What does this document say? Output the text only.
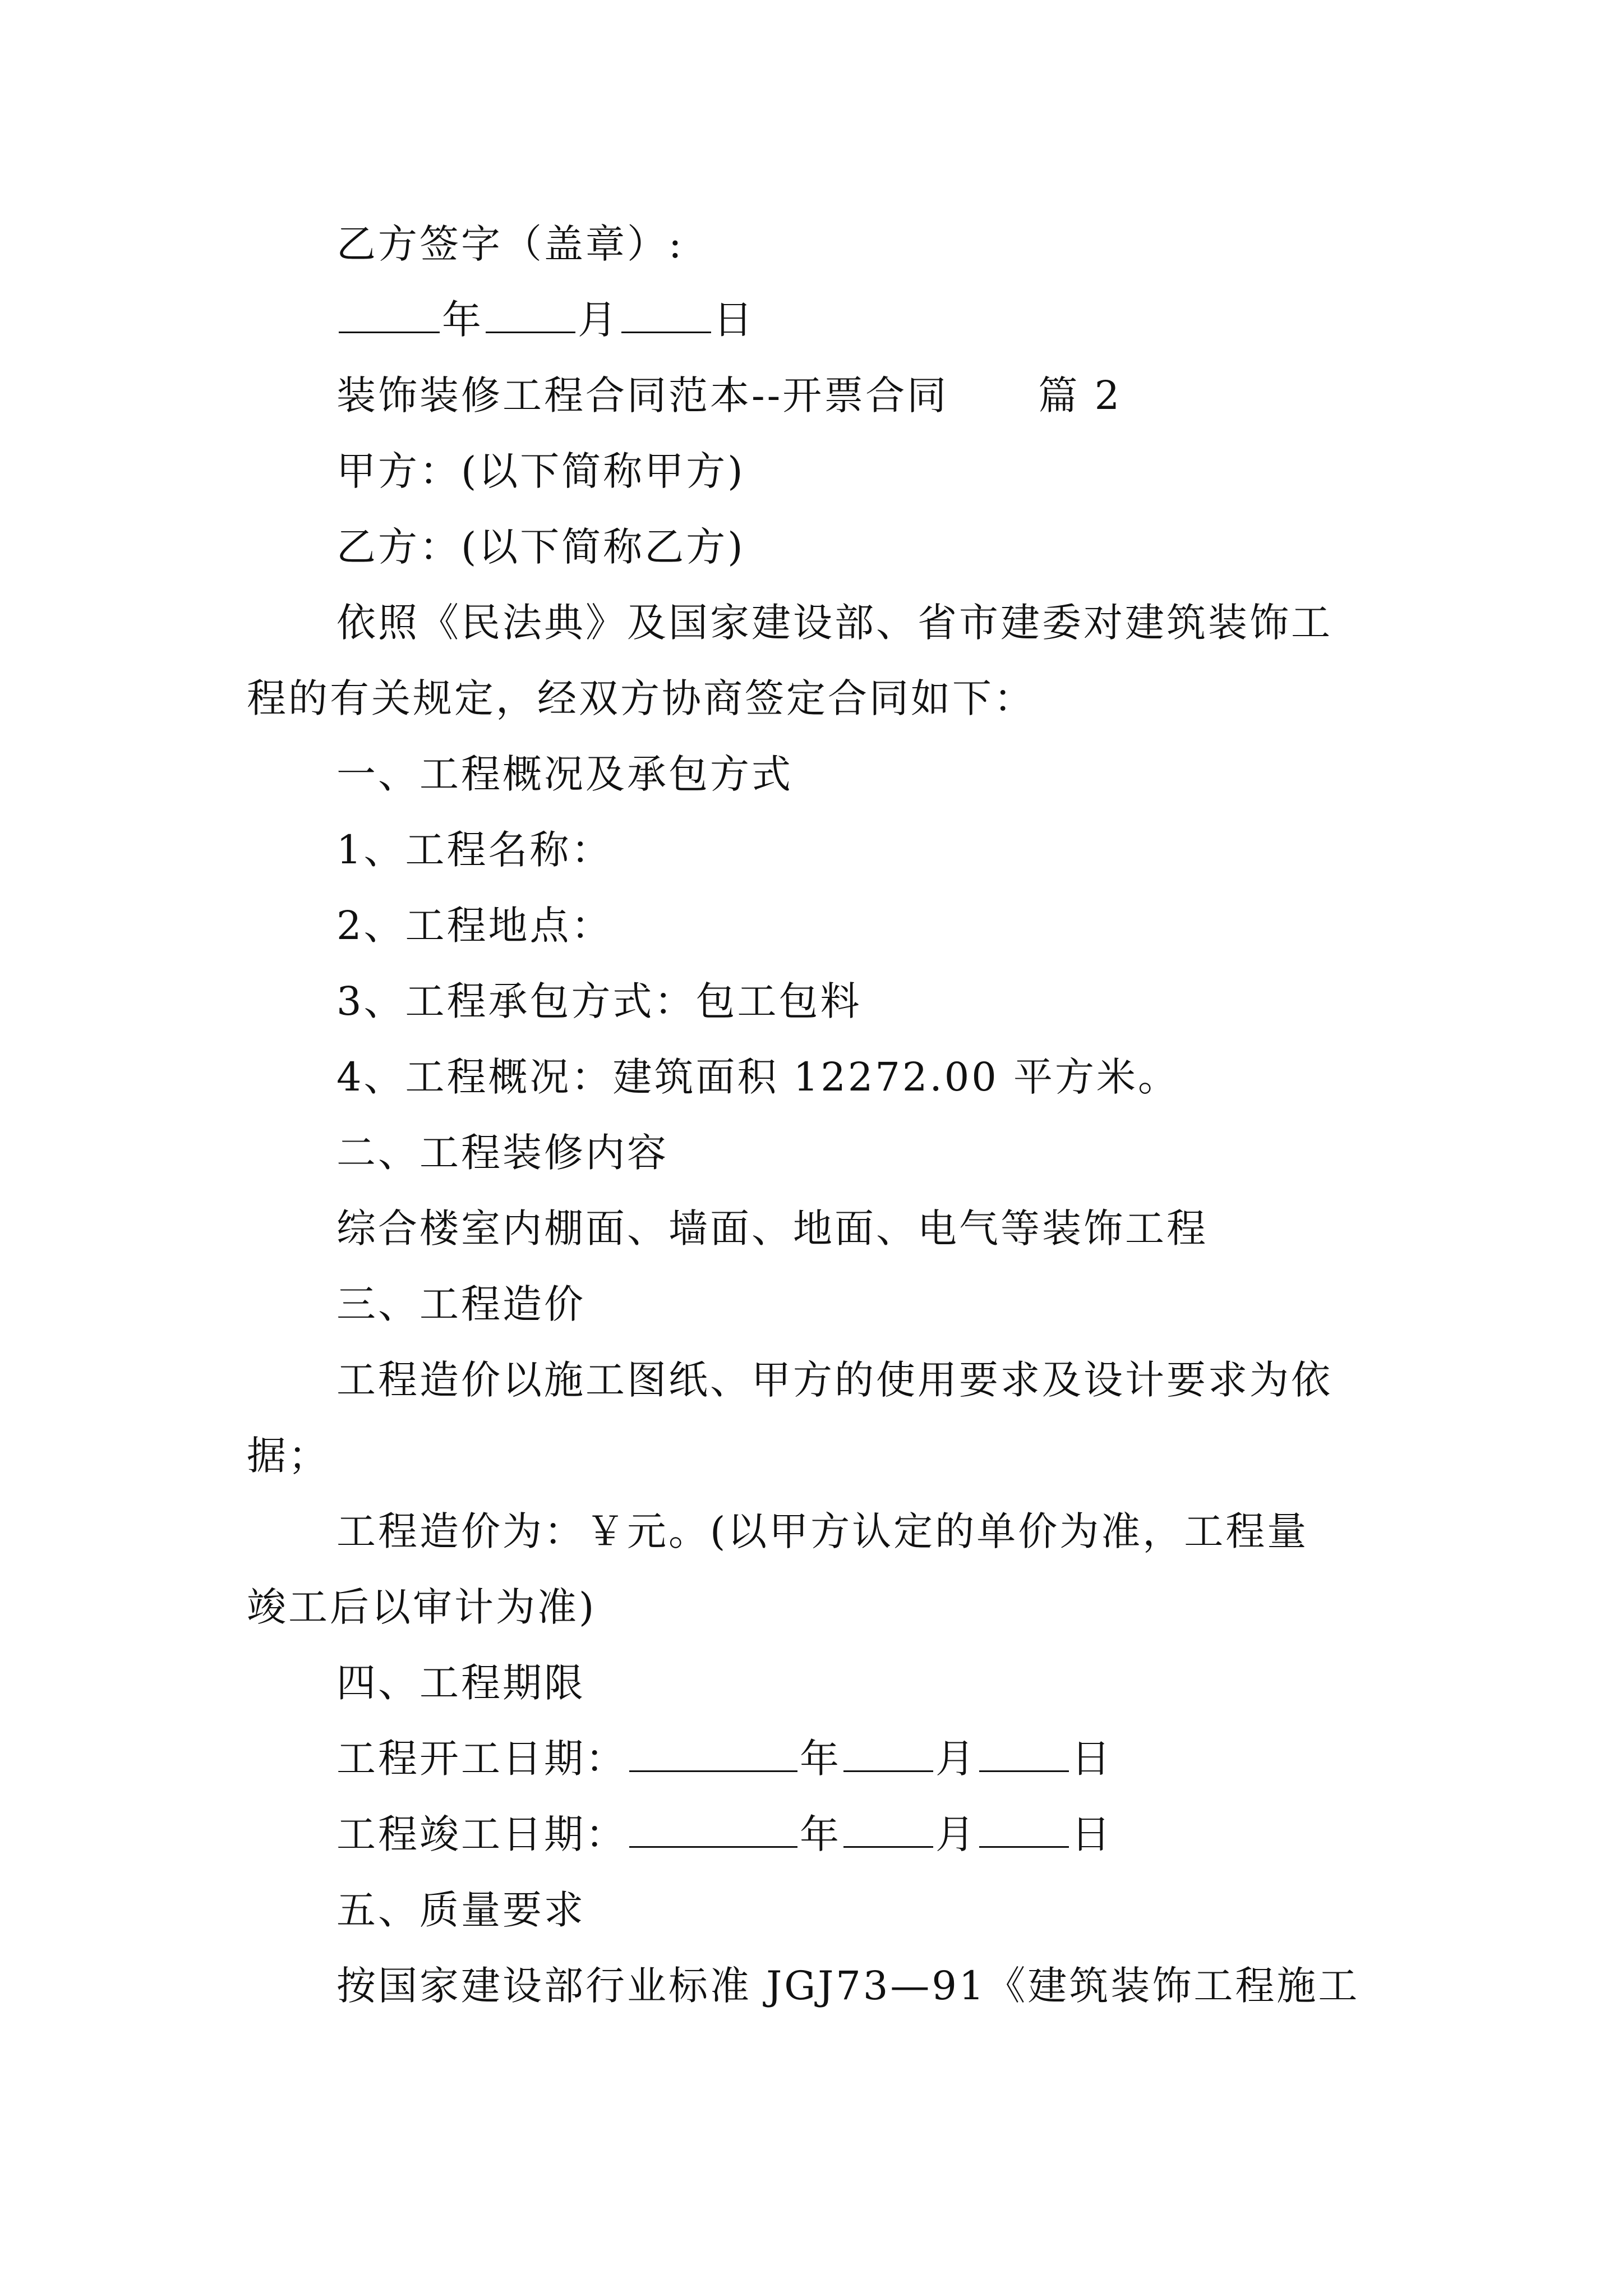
乙方签字（盖章）:
年 月 日
装饰装修工程合同范本--开票合同 篇 2
甲方：(以下简称甲方)
乙方：(以下简称乙方)
依照《民法典》及国家建设部、省市建委对建筑装饰工
程的有关规定，经双方协商签定合同如下：
一、工程概况及承包方式
1、工程名称：
2、工程地点：
3、工程承包方式：包工包料
4、工程概况：建筑面积 12272.00 平方米。
二、工程装修内容
综合楼室内棚面、墙面、地面、电气等装饰工程
三、工程造价
工程造价以施工图纸、甲方的使用要求及设计要求为依
据；
工程造价为：￥元。(以甲方认定的单价为准，工程量
竣工后以审计为准)
四、工程期限
工程开工日期：	年 月 日
工程竣工日期：	年 月 日
五、质量要求
按国家建设部行业标准 JGJ73—91《建筑装饰工程施工
